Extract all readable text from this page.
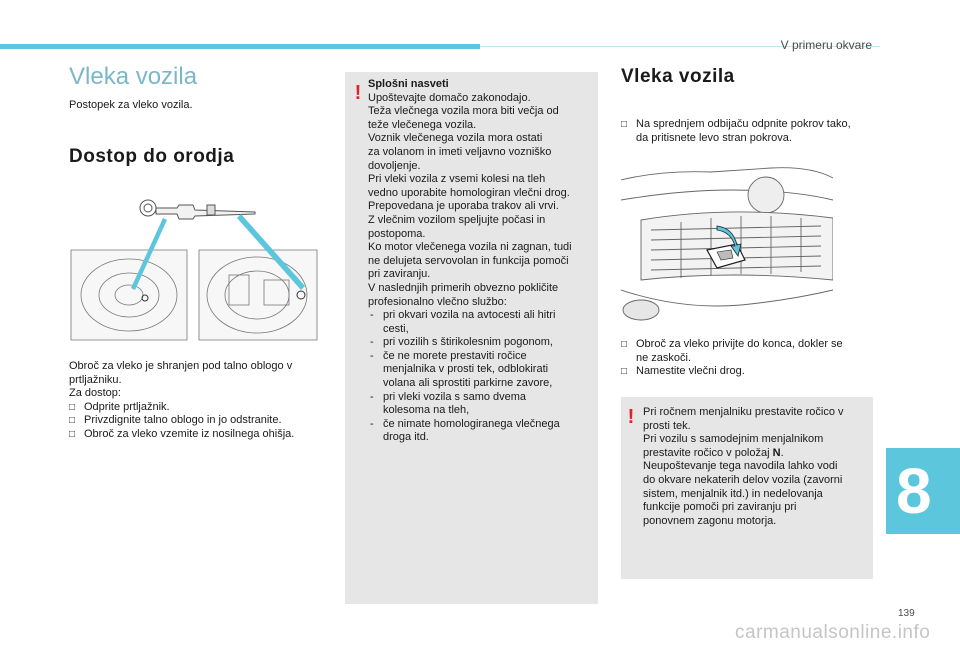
V primeru okvare
Vleka vozila

Postopek za vleko vozila.

Dostop do orodja

Obroč za vleko je shranjen pod talno oblogo v

prtljažniku.

Za dostop:

□ Odprite prtljažnik.
□ Privzdignite talno oblogo in jo odstranite.
□ Obroč za vleko vzemite iz nosilnega ohišja.
! Splošni nasveti

Upoštevajte domačo zakonodajo.

Teža vlečnega vozila mora biti večja od

teže vlečenega vozila.

Voznik vlečenega vozila mora ostati

za volanom in imeti veljavno vozniško

dovoljenje.

Pri vleki vozila z vsemi kolesi na tleh

vedno uporabite homologiran vlečni drog.

Prepovedana je uporaba trakov ali vrvi.

Z vlečnim vozilom speljujte počasi in

postopoma.

Ko motor vlečenega vozila ni zagnan, tudi

ne delujeta servovolan in funkcija pomoči

pri zaviranju.

V naslednjih primerih obvezno pokličite

profesionalno vlečno službo:

- pri okvari vozila na avtocesti ali hitri
cesti,
- pri vozilih s štirikolesnim pogonom,
- če ne morete prestaviti ročice
menjalnika v prosti tek, odblokirati
volana ali sprostiti parkirne zavore,
- pri vleki vozila s samo dvema
kolesoma na tleh,
- če nimate homologiranega vlečnega
droga itd.
Vleka vozila
□ Na sprednjem odbijaču odpnite pokrov tako,
da pritisnete levo stran pokrova.
□ Obroč za vleko privijte do konca, dokler se
ne zaskoči.
□ Namestite vlečni drog.
! Pri ročnem menjalniku prestavite ročico v

prosti tek.

Pri vozilu s samodejnim menjalnikom

prestavite ročico v položaj N.

Neupoštevanje tega navodila lahko vodi

do okvare nekaterih delov vozila (zavorni

sistem, menjalnik itd.) in nedelovanja

funkcije pomoči pri zaviranju pri

ponovnem zagonu motorja.	8
139
carmanualsonline.info
